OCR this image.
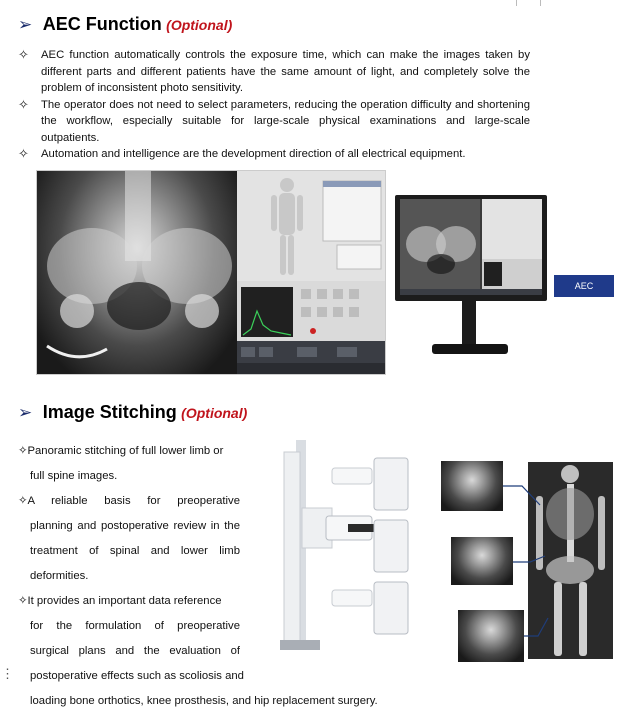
➢ AEC Function (Optional)
✧ AEC function automatically controls the exposure time, which can make the images taken by different parts and different patients have the same amount of light, and completely solve the problem of inconsistent photo sensitivity.
✧ The operator does not need to select parameters, reducing the operation difficulty and shortening the workflow, especially suitable for large-scale physical examinations and large-scale outpatients.
✧ Automation and intelligence are the development direction of all electrical equipment.
AEC
➢ Image Stitching (Optional)
✧Panoramic stitching of full lower limb or
full spine images.
✧A reliable basis for preoperative
planning and postoperative review in the
treatment of spinal and lower limb
deformities.
✧It provides an important data reference
for the formulation of preoperative
surgical plans and the evaluation of
postoperative effects such as scoliosis and
loading bone orthotics, knee prosthesis, and hip replacement surgery.
⋮
